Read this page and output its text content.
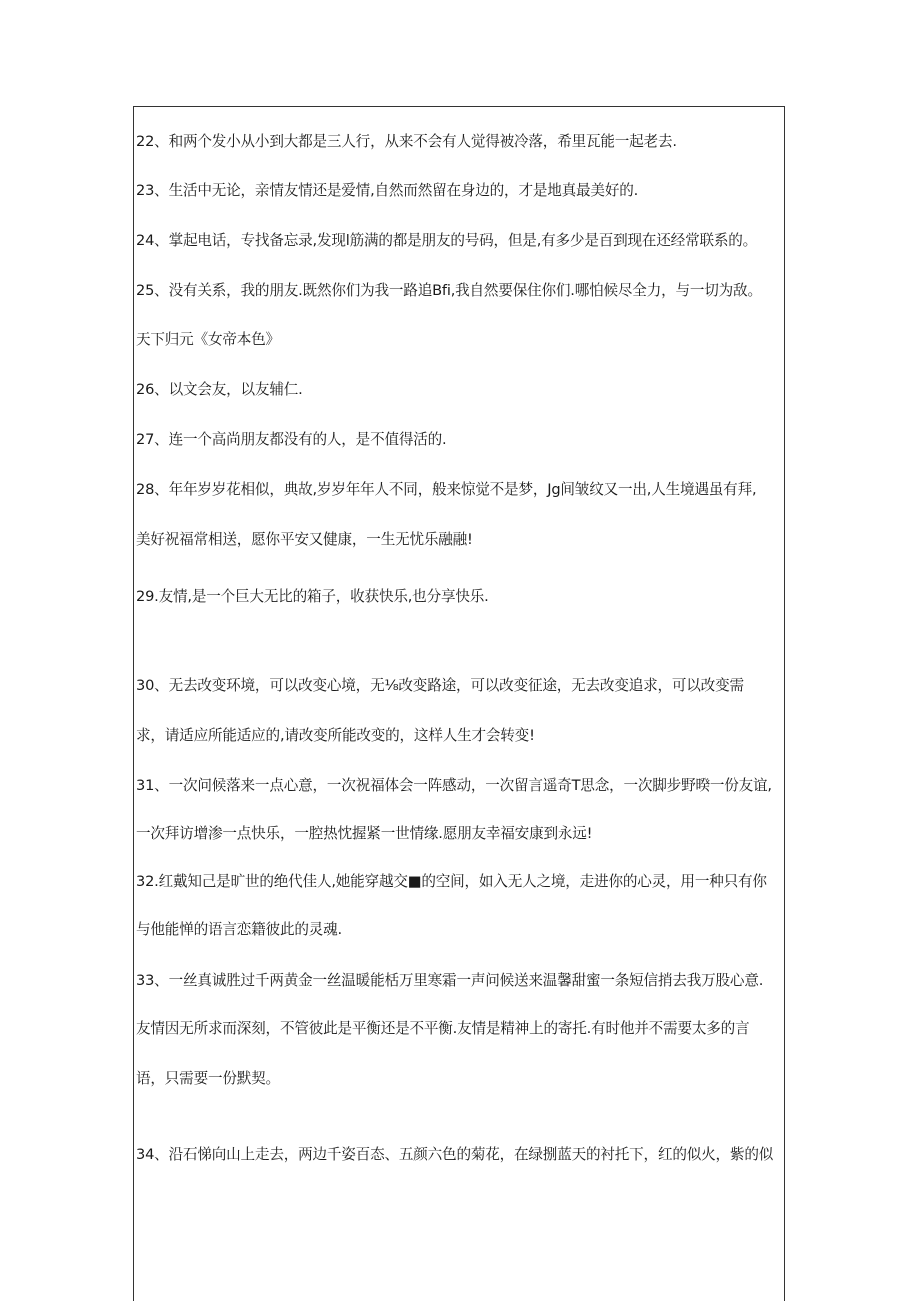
22、和两个发小从小到大都是三人行，从来不会有人觉得被冷落，希里瓦能一起老去.
23、生活中无论，亲情友情还是爱情,自然而然留在身边的，才是地真最美好的.
24、掌起电话，专找备忘录,发现l筋满的都是朋友的号码，但是,有多少是百到现在还经常联系的。
25、没有关系，我的朋友.既然你们为我一路追Bfi,我自然要保住你们.哪怕候尽全力，与一切为敌。
天下归元《女帝本色》
26、以文会友，以友辅仁.
27、连一个高尚朋友都没有的人，是不值得活的.
28、年年岁岁花相似，典故,岁岁年年人不同，般来惊觉不是梦，Jg间皱纹又一出,人生境遇虽有拜,
美好祝福常相送，愿你平安又健康，一生无忧乐融融!
29.友情,是一个巨大无比的箱子，收获快乐,也分享快乐.
30、无去改变环境，可以改变心境，无⅛改变路途，可以改变征途，无去改变追求，可以改变需
求，请适应所能适应的,请改变所能改变的，这样人生才会转变!
31、一次问候落来一点心意，一次祝福体会一阵感动，一次留言遥奇T思念，一次脚步野暌一份友谊,
一次拜访增渗一点快乐，一腔热忱握紧一世情缘.愿朋友幸福安康到永远!
32.红戴知己是旷世的绝代佳人,她能穿越交■的空间，如入无人之境，走进你的心灵，用一种只有你
与他能惮的语言恋籍彼此的灵魂.
33、一丝真诚胜过千两黄金一丝温暖能栝万里寒霜一声问候送来温馨甜蜜一条短信捎去我万股心意.
友情因无所求而深刻，不管彼此是平衡还是不平衡.友情是精神上的寄托.有时他并不需要太多的言
语，只需要一份默契。
34、沿石悌向山上走去，两边千姿百态、五颜六色的菊花，在绿捌蓝天的衬托下，红的似火，紫的似
